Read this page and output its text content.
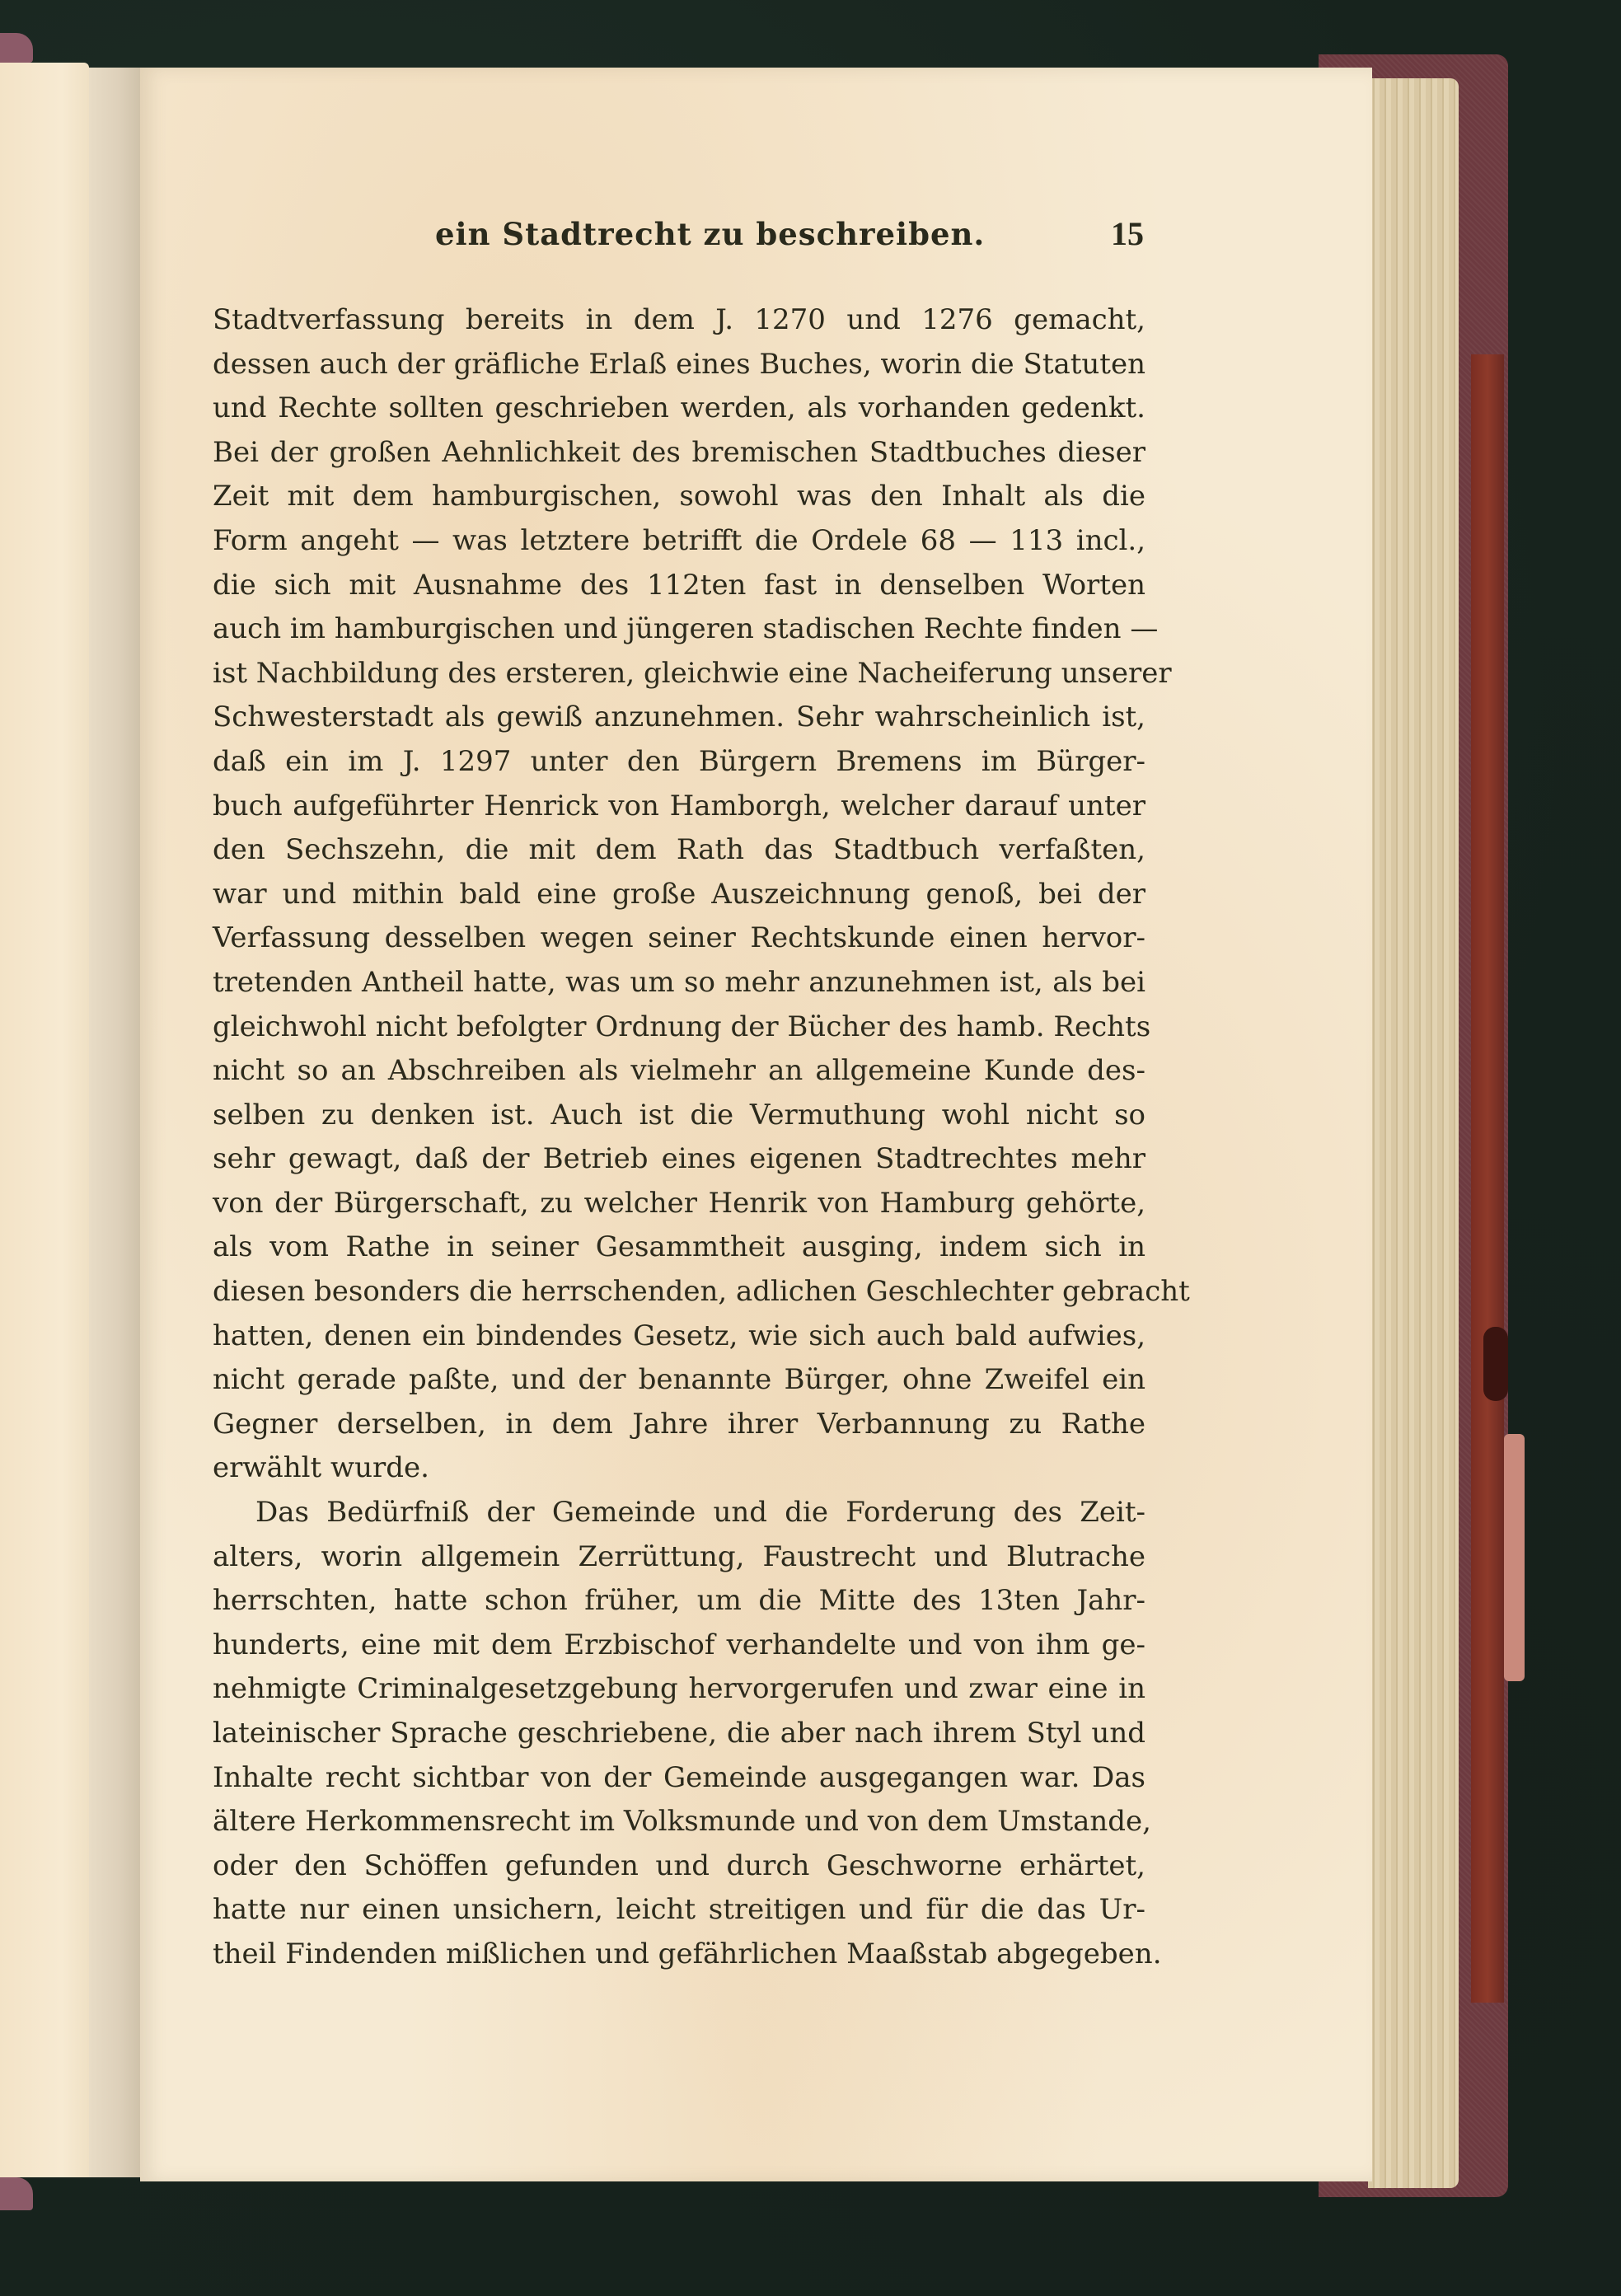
ein Stadtrecht zu beschreiben.	15
Stadtverfassung bereits in dem J. 1270 und 1276 gemacht,
dessen auch der gräfliche Erlaß eines Buches, worin die Statuten
und Rechte sollten geschrieben werden, als vorhanden gedenkt.
Bei der großen Aehnlichkeit des bremischen Stadtbuches dieser
Zeit mit dem hamburgischen, sowohl was den Inhalt als die
Form angeht — was letztere betrifft die Ordele 68 — 113 incl.,
die sich mit Ausnahme des 112ten fast in denselben Worten
auch im hamburgischen und jüngeren stadischen Rechte finden —
ist Nachbildung des ersteren, gleichwie eine Nacheiferung unserer
Schwesterstadt als gewiß anzunehmen. Sehr wahrscheinlich ist,
daß ein im J. 1297 unter den Bürgern Bremens im Bürger-
buch aufgeführter Henrick von Hamborgh, welcher darauf unter
den Sechszehn, die mit dem Rath das Stadtbuch verfaßten,
war und mithin bald eine große Auszeichnung genoß, bei der
Verfassung desselben wegen seiner Rechtskunde einen hervor-
tretenden Antheil hatte, was um so mehr anzunehmen ist, als bei
gleichwohl nicht befolgter Ordnung der Bücher des hamb. Rechts
nicht so an Abschreiben als vielmehr an allgemeine Kunde des-
selben zu denken ist. Auch ist die Vermuthung wohl nicht so
sehr gewagt, daß der Betrieb eines eigenen Stadtrechtes mehr
von der Bürgerschaft, zu welcher Henrik von Hamburg gehörte,
als vom Rathe in seiner Gesammtheit ausging, indem sich in
diesen besonders die herrschenden, adlichen Geschlechter gebracht
hatten, denen ein bindendes Gesetz, wie sich auch bald aufwies,
nicht gerade paßte, und der benannte Bürger, ohne Zweifel ein
Gegner derselben, in dem Jahre ihrer Verbannung zu Rathe
erwählt wurde.
Das Bedürfniß der Gemeinde und die Forderung des Zeit-
alters, worin allgemein Zerrüttung, Faustrecht und Blutrache
herrschten, hatte schon früher, um die Mitte des 13ten Jahr-
hunderts, eine mit dem Erzbischof verhandelte und von ihm ge-
nehmigte Criminalgesetzgebung hervorgerufen und zwar eine in
lateinischer Sprache geschriebene, die aber nach ihrem Styl und
Inhalte recht sichtbar von der Gemeinde ausgegangen war. Das
ältere Herkommensrecht im Volksmunde und von dem Umstande,
oder den Schöffen gefunden und durch Geschworne erhärtet,
hatte nur einen unsichern, leicht streitigen und für die das Ur-
theil Findenden mißlichen und gefährlichen Maaßstab abgegeben.
